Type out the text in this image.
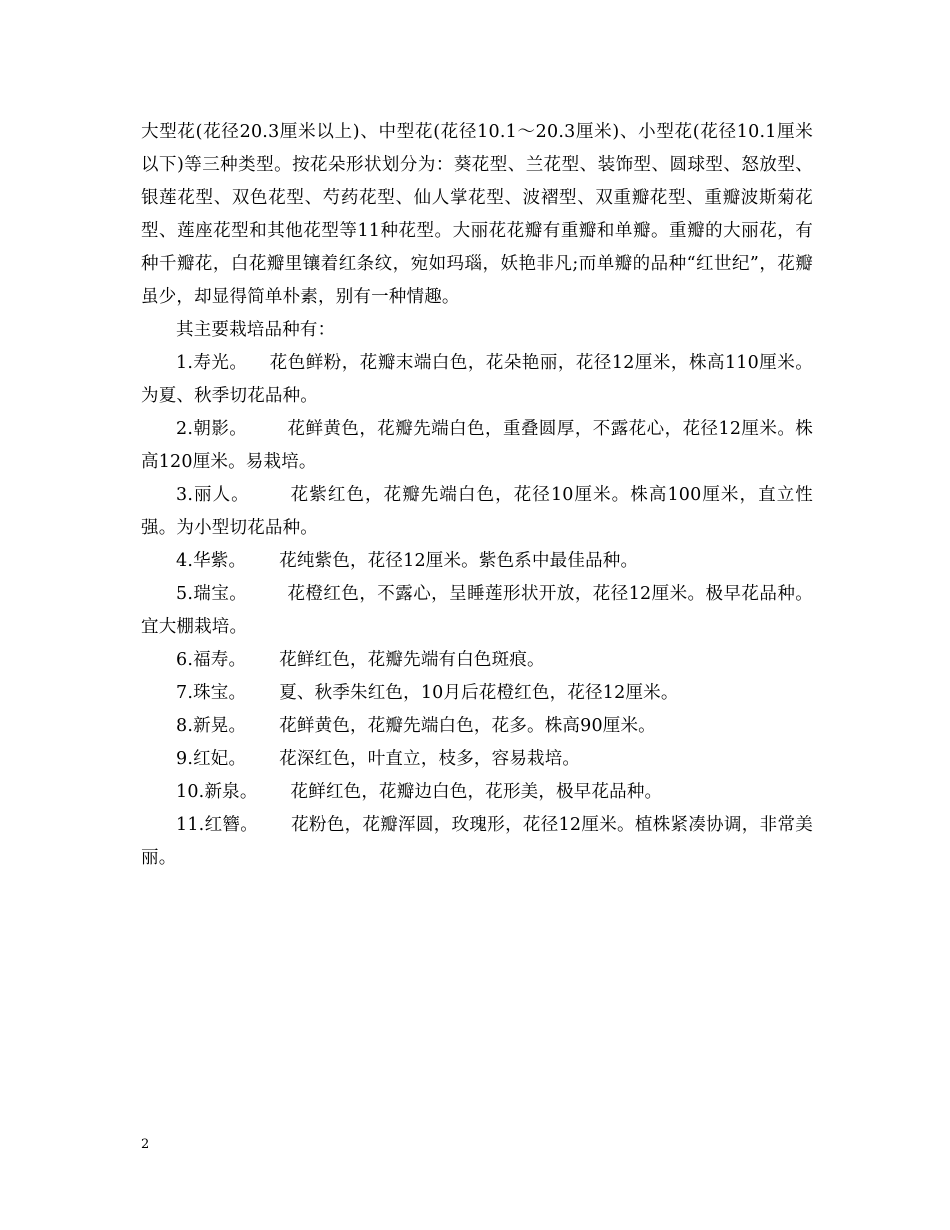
大型花(花径20.3厘米以上)、中型花(花径10.1～20.3厘米)、小型花(花径10.1厘米以下)等三种类型。按花朵形状划分为：葵花型、兰花型、装饰型、圆球型、怒放型、银莲花型、双色花型、芍药花型、仙人掌花型、波褶型、双重瓣花型、重瓣波斯菊花型、莲座花型和其他花型等11种花型。大丽花花瓣有重瓣和单瓣。重瓣的大丽花，有种千瓣花，白花瓣里镶着红条纹，宛如玛瑙，妖艳非凡;而单瓣的品种“红世纪”，花瓣虽少，却显得简单朴素，别有一种情趣。

其主要栽培品种有：

1.寿光。 花色鲜粉，花瓣末端白色，花朵艳丽，花径12厘米，株高110厘米。为夏、秋季切花品种。

2.朝影。 花鲜黄色，花瓣先端白色，重叠圆厚，不露花心，花径12厘米。株高120厘米。易栽培。

3.丽人。 花紫红色，花瓣先端白色，花径10厘米。株高100厘米，直立性强。为小型切花品种。

4.华紫。 花纯紫色，花径12厘米。紫色系中最佳品种。

5.瑞宝。 花橙红色，不露心，呈睡莲形状开放，花径12厘米。极早花品种。宜大棚栽培。

6.福寿。 花鲜红色，花瓣先端有白色斑痕。

7.珠宝。 夏、秋季朱红色，10月后花橙红色，花径12厘米。

8.新晃。 花鲜黄色，花瓣先端白色，花多。株高90厘米。

9.红妃。 花深红色，叶直立，枝多，容易栽培。

10.新泉。 花鲜红色，花瓣边白色，花形美，极早花品种。

11.红簪。 花粉色，花瓣浑圆，玫瑰形，花径12厘米。植株紧凑协调，非常美丽。

2
